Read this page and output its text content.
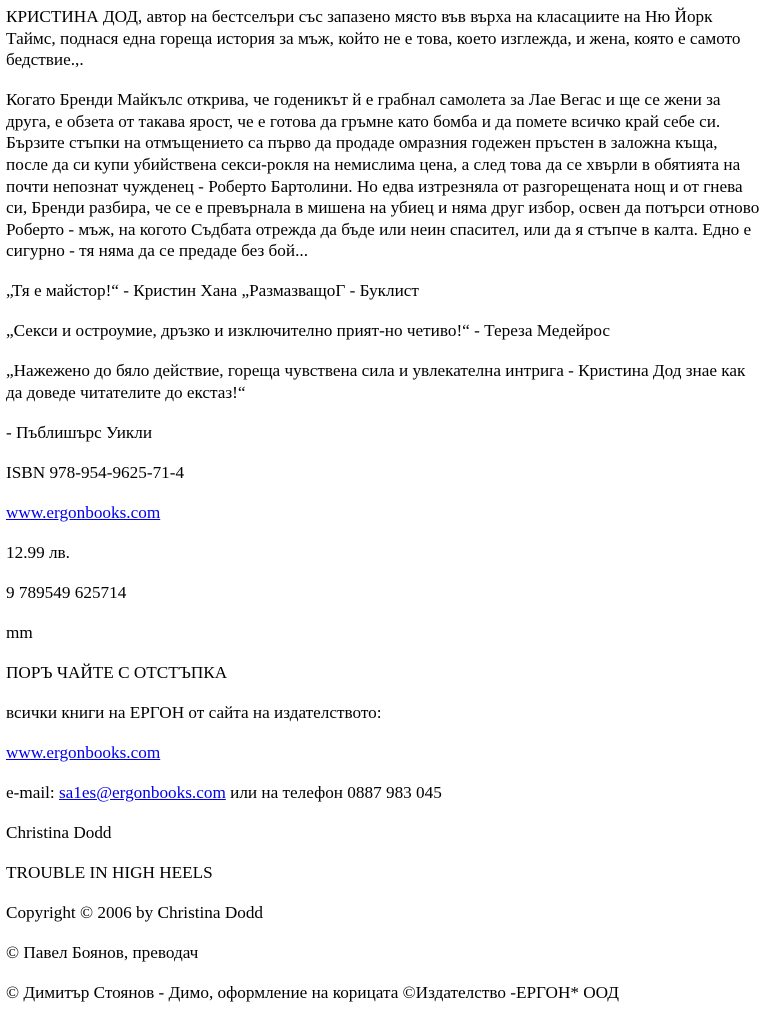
КРИСТИНА ДОД, автор на бестселъри със запазено място във върха на класациите на Ню Йорк Таймс, поднася една гореща история за мъж, който не е това, което изглежда, и жена, която е самото бедствие.,.

Когато Бренди Майкълс открива, че годеникът й е грабнал самолета за Лае Вегас и ще се жени за друга, е обзета от такава ярост, че е готова да гръмне като бомба и да помете всичко край себе си. Бързите стъпки на отмъщението са първо да продаде омразния годежен пръстен в заложна къща, после да си купи убийствена секси-рокля на немислима цена, а след това да се хвърли в обятията на почти непознат чужденец - Роберто Бартолини. Но едва изтрезняла от разгорещената нощ и от гнева си, Бренди разбира, че се е превърнала в мишена на убиец и няма друг избор, освен да потърси отново Роберто - мъж, на когото Съдбата отрежда да бъде или неин спасител, или да я стъпче в калта. Едно е сигурно - тя няма да се предаде без бой...

„Тя е майстор!“ - Кристин Хана „РазмазващоГ - Буклист

„Секси и остроумие, дръзко и изключително прият-но четиво!“ - Тереза Медейрос

„Нажежено до бяло действие, гореща чувствена сила и увлекателна интрига - Кристина Дод знае как да доведе читателите до екстаз!“

- Пъблишърс Уикли

ISBN 978-954-9625-71-4

www.ergonbooks.com

12.99 лв.

9 789549 625714

mm

ПОРЪ ЧАЙТЕ С ОТСТЪПКА

всички книги на ЕРГОН от сайта на издателството:

www.ergonbooks.com

e-mail: sa1es@ergonbooks.com или на телефон 0887 983 045

Christina Dodd

TROUBLE IN HIGH HEELS

Copyright © 2006 by Christina Dodd

© Павел Боянов, преводач

© Димитър Стоянов - Димо, оформление на корицата ©Издателство -ЕРГОН* ООД
